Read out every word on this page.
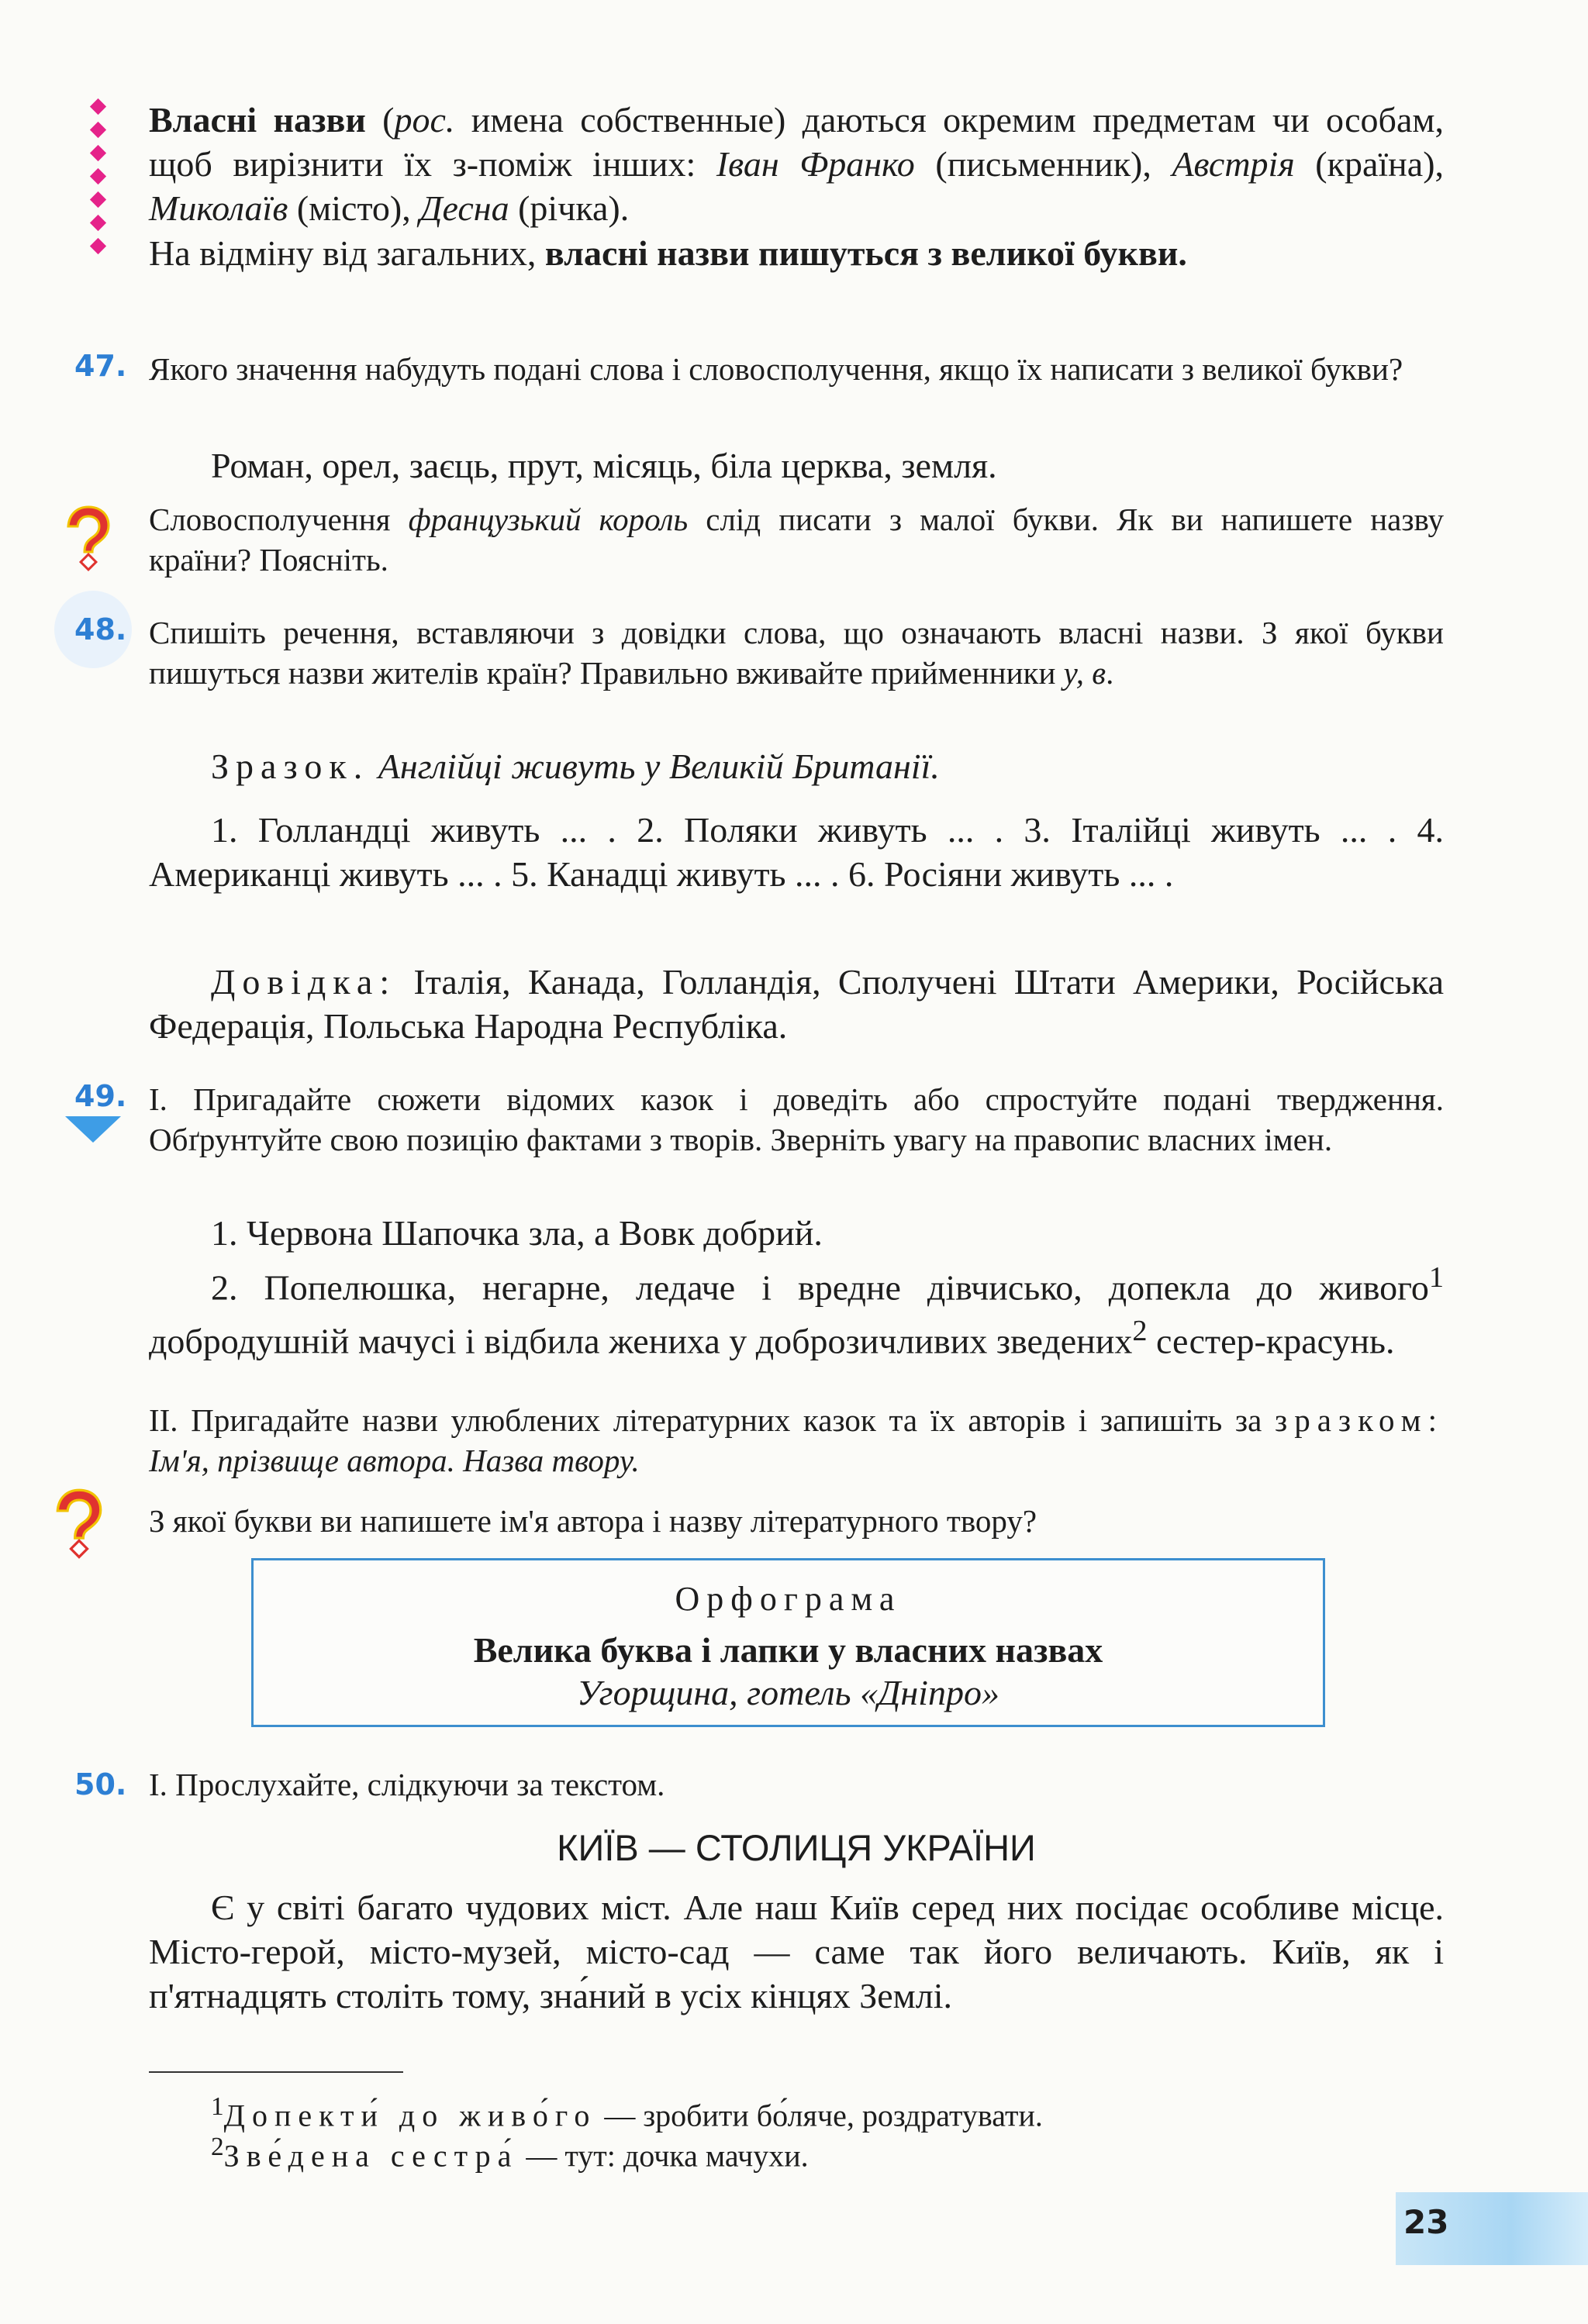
Власні назви (рос. имена собственные) даються окремим предметам чи особам, щоб вирізнити їх з-поміж інших: Іван Франко (письменник), Австрія (країна), Миколаїв (місто), Десна (річка).
На відміну від загальних, власні назви пишуться з великої букви.
47. Якого значення набудуть подані слова і словосполучення, якщо їх написати з великої букви?
Роман, орел, заєць, прут, місяць, біла церква, земля.
Словосполучення французький король слід писати з малої букви. Як ви напишете назву країни? Поясніть.
48. Спишіть речення, вставляючи з довідки слова, що означають власні назви. З якої букви пишуться назви жителів країн? Правильно вживайте прийменники у, в.
Зразок. Англійці живуть у Великій Британії.
1. Голландці живуть ... . 2. Поляки живуть ... . 3. Італійці живуть ... . 4. Американці живуть ... . 5. Канадці живуть ... . 6. Росіяни живуть ... .
Довідка: Італія, Канада, Голландія, Сполучені Штати Америки, Російська Федерація, Польська Народна Республіка.
49. І. Пригадайте сюжети відомих казок і доведіть або спростуйте подані твердження. Обґрунтуйте свою позицію фактами з творів. Зверніть увагу на правопис власних імен.
1. Червона Шапочка зла, а Вовк добрий.
2. Попелюшка, негарне, ледаче і вредне дівчисько, допекла до живого$^1$ добродушній мачусі і відбила жениха у доброзичливих зведених$^2$ сестер-красунь.
ІІ. Пригадайте назви улюблених літературних казок та їх авторів і запишіть за зразком: Ім'я, прізвище автора. Назва твору.
З якої букви ви напишете ім'я автора і назву літературного твору?
Орфограма
Велика буква і лапки у власних назвах
Угорщина, готель «Дніпро»
50. І. Прослухайте, слідкуючи за текстом.
КИЇВ — СТОЛИЦЯ УКРАЇНИ
Є у світі багато чудових міст. Але наш Київ серед них посідає особливе місце. Місто-герой, місто-музей, місто-сад — саме так його величають. Київ, як і п'ятнадцять століть тому, зна́ний в усіх кінцях Землі.
$^1$Допекти́ до живо́го — зробити бо́ляче, роздратувати.
$^2$Зве́дена сестра́ — тут: дочка мачухи.
23
